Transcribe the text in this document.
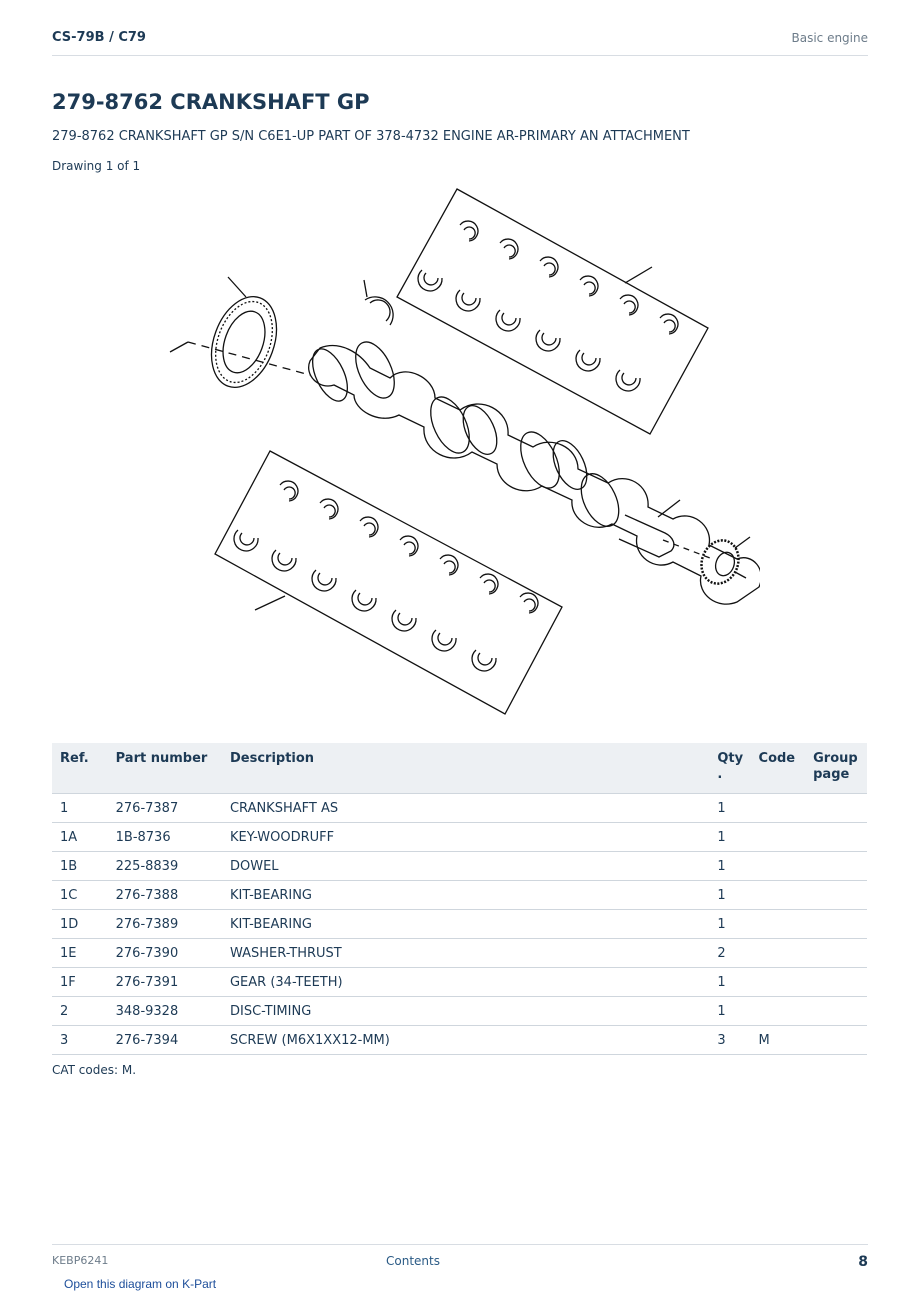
CS-79B / C79	Basic engine
279-8762 CRANKSHAFT GP
279-8762 CRANKSHAFT GP S/N C6E1-UP PART OF 378-4732 ENGINE AR-PRIMARY AN ATTACHMENT
Drawing 1 of 1
Ref.	Part number	Description	Qty .	Code	Group page
1	276-7387	CRANKSHAFT AS	1		
1A	1B-8736	KEY-WOODRUFF	1		
1B	225-8839	DOWEL	1		
1C	276-7388	KIT-BEARING	1		
1D	276-7389	KIT-BEARING	1		
1E	276-7390	WASHER-THRUST	2		
1F	276-7391	GEAR (34-TEETH)	1		
2	348-9328	DISC-TIMING	1		
3	276-7394	SCREW (M6X1XX12-MM)	3	M	
CAT codes: M.
KEBP6241	Contents	8
Open this diagram on K-Part
